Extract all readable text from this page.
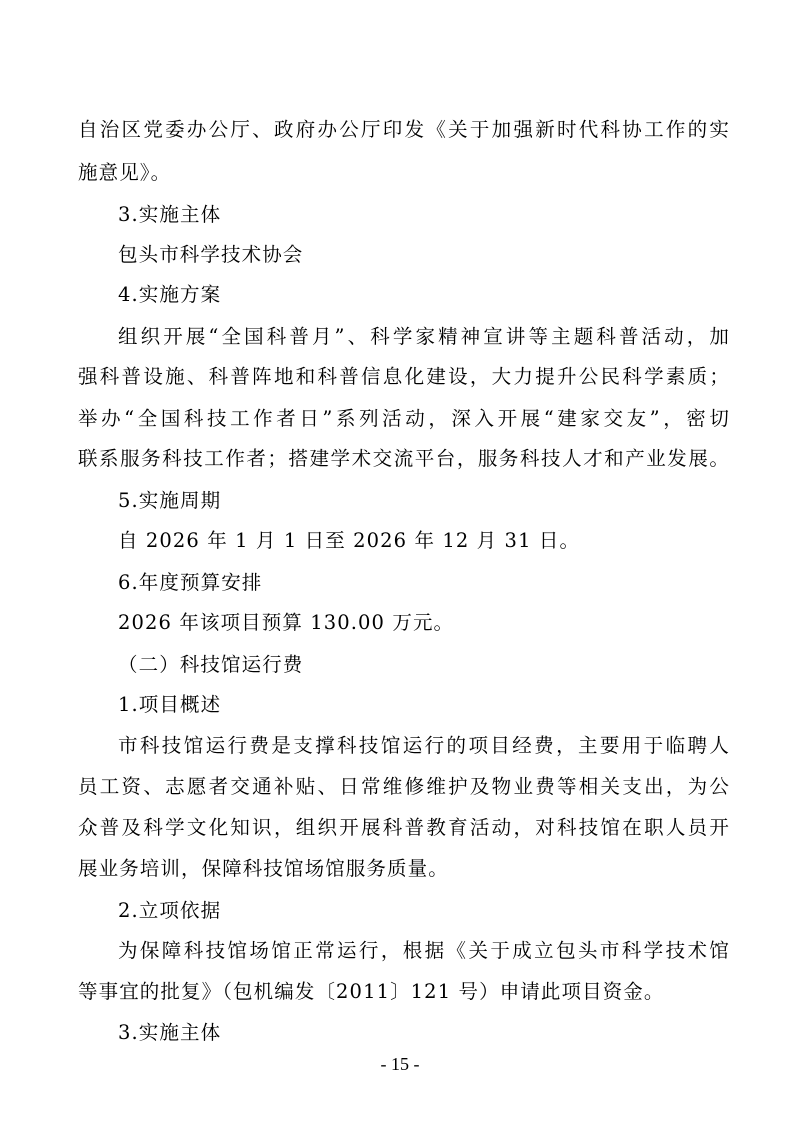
自治区党委办公厅、政府办公厅印发《关于加强新时代科协工作的实
施意见》。
3.实施主体
包头市科学技术协会
4.实施方案
组织开展“全国科普月”、科学家精神宣讲等主题科普活动，加
强科普设施、科普阵地和科普信息化建设，大力提升公民科学素质；
举办“全国科技工作者日”系列活动，深入开展“建家交友”，密切
联系服务科技工作者；搭建学术交流平台，服务科技人才和产业发展。
5.实施周期
自 2026 年 1 月 1 日至 2026 年 12 月 31 日。
6.年度预算安排
2026 年该项目预算 130.00 万元。
（二）科技馆运行费
1.项目概述
市科技馆运行费是支撑科技馆运行的项目经费，主要用于临聘人
员工资、志愿者交通补贴、日常维修维护及物业费等相关支出，为公
众普及科学文化知识，组织开展科普教育活动，对科技馆在职人员开
展业务培训，保障科技馆场馆服务质量。
2.立项依据
为保障科技馆场馆正常运行，根据《关于成立包头市科学技术馆
等事宜的批复》（包机编发〔2011〕121 号）申请此项目资金。
3.实施主体
- 15 -
